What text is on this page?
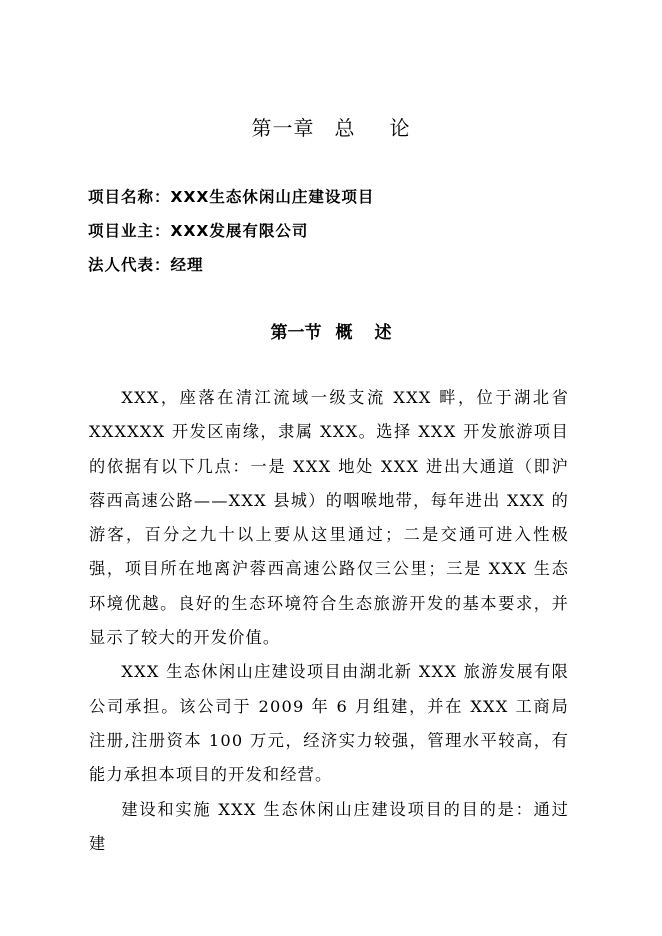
第一章 总 论
项目名称：XXX生态休闲山庄建设项目
项目业主：XXX发展有限公司
法人代表：经理
第一节 概 述

XXX，座落在清江流域一级支流 XXX 畔，位于湖北省XXXXXX 开发区南缘，隶属 XXX。选择 XXX 开发旅游项目的依据有以下几点：一是 XXX 地处 XXX 进出大通道（即沪蓉西高速公路——XXX 县城）的咽喉地带，每年进出 XXX 的游客，百分之九十以上要从这里通过；二是交通可进入性极强，项目所在地离沪蓉西高速公路仅三公里；三是 XXX 生态环境优越。良好的生态环境符合生态旅游开发的基本要求，并显示了较大的开发价值。

XXX 生态休闲山庄建设项目由湖北新 XXX 旅游发展有限公司承担。该公司于 2009 年 6 月组建，并在 XXX 工商局注册,注册资本 100 万元，经济实力较强，管理水平较高，有能力承担本项目的开发和经营。

建设和实施 XXX 生态休闲山庄建设项目的目的是：通过建
